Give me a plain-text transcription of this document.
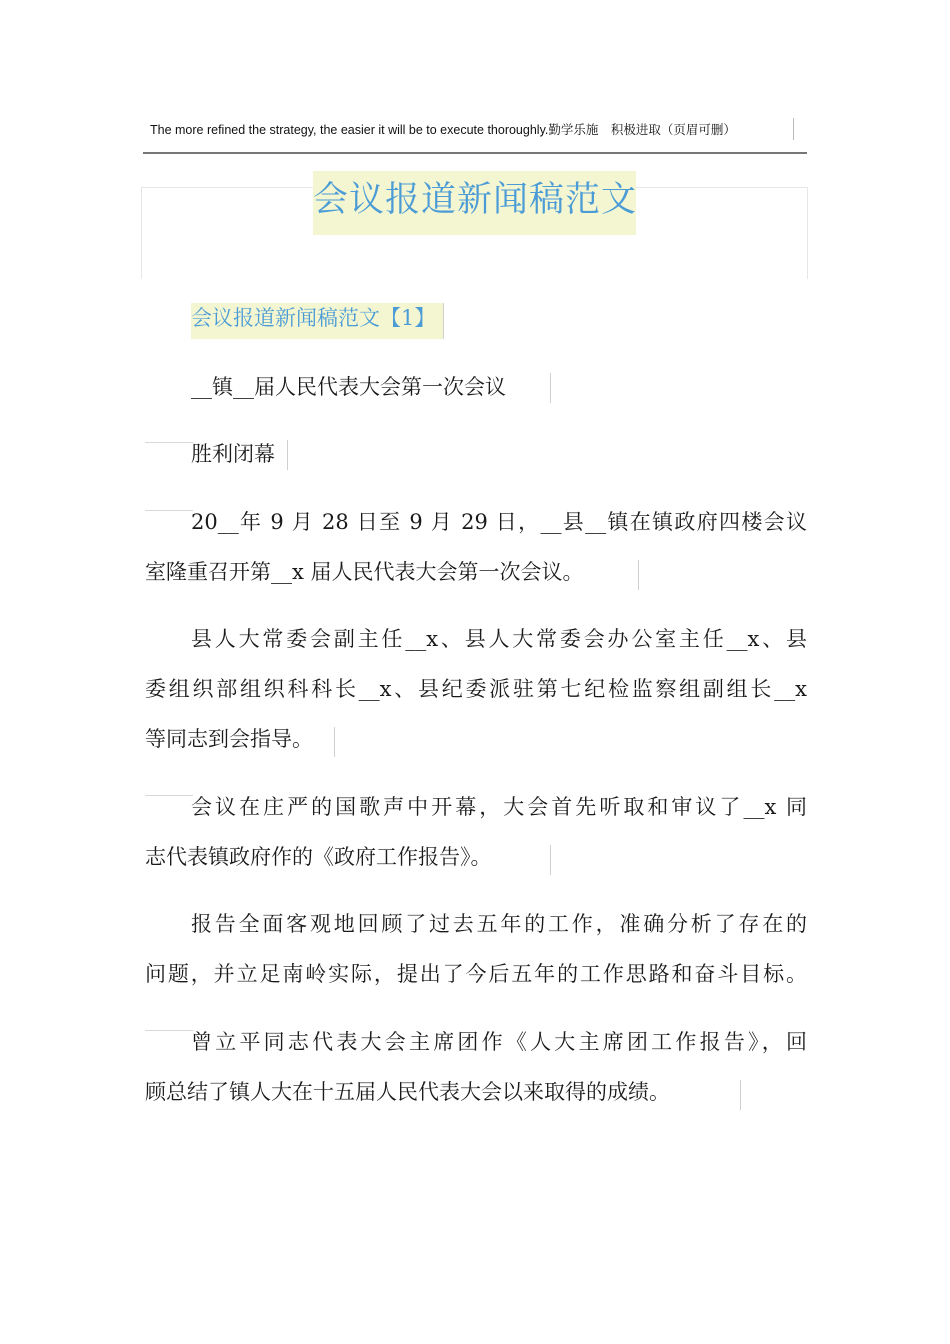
The more refined the strategy, the easier it will be to execute thoroughly.勤学乐施　积极进取（页眉可删）
会议报道新闻稿范文
会议报道新闻稿范文【1】
__镇__届人民代表大会第一次会议
胜利闭幕
20__年 9 月 28 日至 9 月 29 日，__县__镇在镇政府四楼会议
室隆重召开第__x 届人民代表大会第一次会议。
县人大常委会副主任__x、县人大常委会办公室主任__x、县
委组织部组织科科长__x、县纪委派驻第七纪检监察组副组长__x
等同志到会指导。
会议在庄严的国歌声中开幕，大会首先听取和审议了__x 同
志代表镇政府作的《政府工作报告》。
报告全面客观地回顾了过去五年的工作，准确分析了存在的
问题，并立足南岭实际，提出了今后五年的工作思路和奋斗目标。
曾立平同志代表大会主席团作《人大主席团工作报告》，回
顾总结了镇人大在十五届人民代表大会以来取得的成绩。
